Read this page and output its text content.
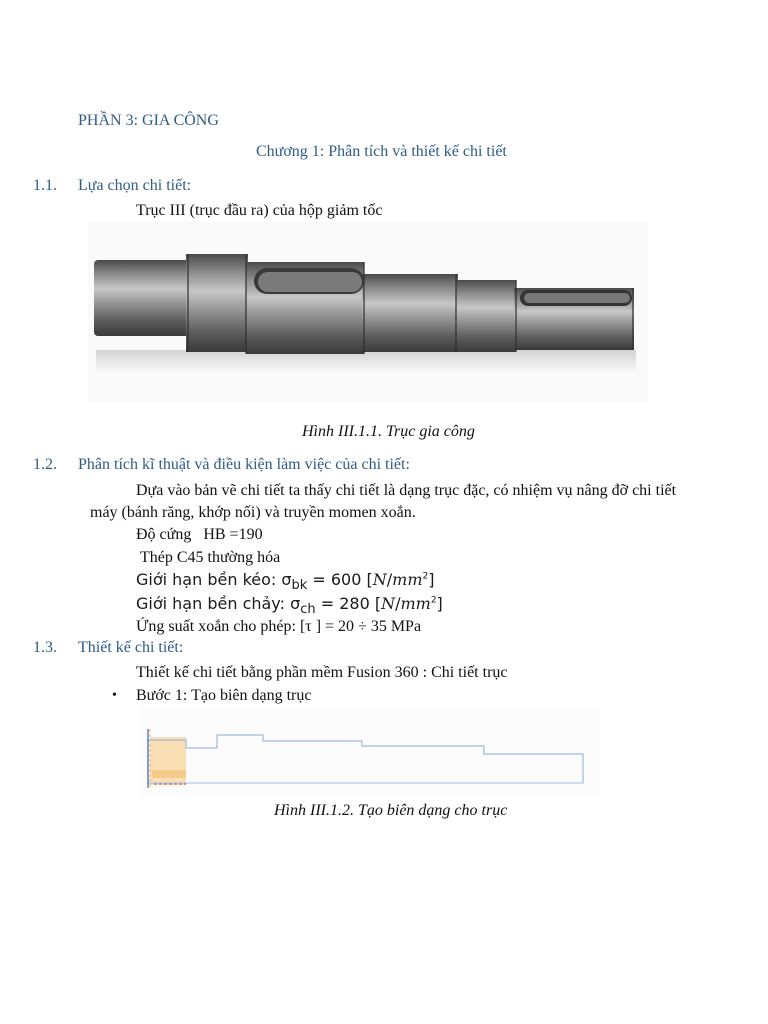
PHẦN 3: GIA CÔNG
Chương 1: Phân tích và thiết kế chi tiết
1.1. Lựa chọn chi tiết:
Trục III (trục đầu ra) của hộp giảm tốc
Hình III.1.1. Trục gia công
1.2. Phân tích kĩ thuật và điều kiện làm việc của chi tiết:
Dựa vào bản vẽ chi tiết ta thấy chi tiết là dạng trục đặc, có nhiệm vụ nâng đỡ chi tiết
máy (bánh răng, khớp nối) và truyền momen xoắn.
Độ cứng   HB =190
Thép C45 thường hóa
Giới hạn bền kéo: $\sigma_{bk} = 600$ $[N/mm^2]$
Giới hạn bền chảy: $\sigma_{ch} = 280$ $[N/mm^2]$
Ứng suất xoắn cho phép: [τ ] = 20 ÷ 35 MPa
1.3. Thiết kế chi tiết:
Thiết kế chi tiết bằng phần mềm Fusion 360 : Chi tiết trục
• Bước 1: Tạo biên dạng trục
Hình III.1.2. Tạo biên dạng cho trục
